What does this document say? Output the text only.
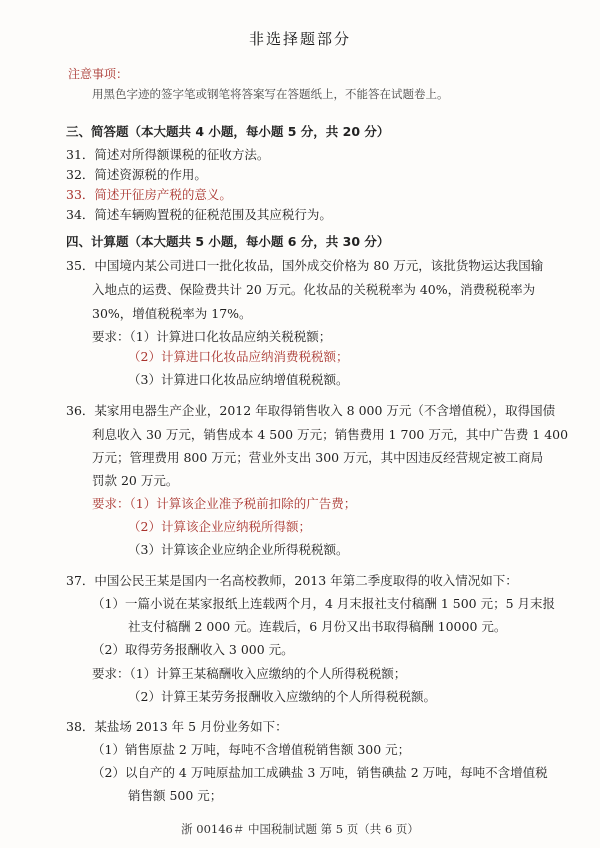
非选择题部分
注意事项：
用黑色字迹的签字笔或钢笔将答案写在答题纸上，不能答在试题卷上。
三、简答题（本大题共 4 小题，每小题 5 分，共 20 分）
31．简述对所得额课税的征收方法。
32．简述资源税的作用。
33．简述开征房产税的意义。
34．简述车辆购置税的征税范围及其应税行为。
四、计算题（本大题共 5 小题，每小题 6 分，共 30 分）
35．中国境内某公司进口一批化妆品，国外成交价格为 80 万元，该批货物运达我国输
入地点的运费、保险费共计 20 万元。化妆品的关税税率为 40%，消费税税率为
30%，增值税税率为 17%。
要求：（1）计算进口化妆品应纳关税税额；
（2）计算进口化妆品应纳消费税税额；
（3）计算进口化妆品应纳增值税税额。
36．某家用电器生产企业，2012 年取得销售收入 8 000 万元（不含增值税），取得国债
利息收入 30 万元，销售成本 4 500 万元；销售费用 1 700 万元，其中广告费 1 400
万元；管理费用 800 万元；营业外支出 300 万元，其中因违反经营规定被工商局
罚款 20 万元。
要求：（1）计算该企业准予税前扣除的广告费；
（2）计算该企业应纳税所得额；
（3）计算该企业应纳企业所得税税额。
37．中国公民王某是国内一名高校教师，2013 年第二季度取得的收入情况如下：
（1）一篇小说在某家报纸上连载两个月，4 月末报社支付稿酬 1 500 元；5 月末报
社支付稿酬 2 000 元。连载后，6 月份又出书取得稿酬 10000 元。
（2）取得劳务报酬收入 3 000 元。
要求：（1）计算王某稿酬收入应缴纳的个人所得税税额；
（2）计算王某劳务报酬收入应缴纳的个人所得税税额。
38．某盐场 2013 年 5 月份业务如下：
（1）销售原盐 2 万吨，每吨不含增值税销售额 300 元；
（2）以自产的 4 万吨原盐加工成碘盐 3 万吨，销售碘盐 2 万吨，每吨不含增值税
销售额 500 元；
浙 00146＃ 中国税制试题 第 5 页（共 6 页）
